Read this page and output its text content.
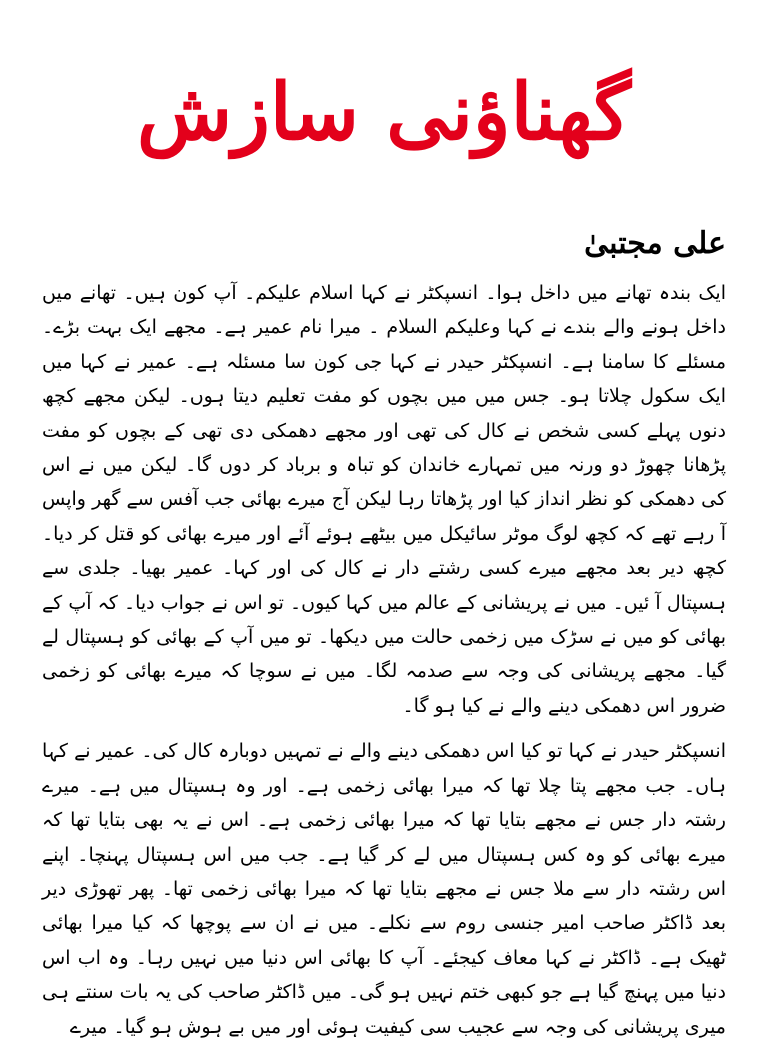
گھناؤنی سازش
علی مجتبیٰ

ایک بندہ تھانے میں داخل ہوا۔ انسپکٹر نے کہا اسلام علیکم۔ آپ کون ہیں۔ تھانے میں داخل ہونے والے بندے نے کہا وعلیکم السلام ۔ میرا نام عمیر ہے۔ مجھے ایک بہت بڑے۔ مسئلے کا سامنا ہے۔ انسپکٹر حیدر نے کہا جی کون سا مسئلہ ہے۔ عمیر نے کہا میں ایک سکول چلاتا ہو۔ جس میں میں بچوں کو مفت تعلیم دیتا ہوں۔ لیکن مجھے کچھ دنوں پہلے کسی شخص نے کال کی تھی اور مجھے دھمکی دی تھی کے بچوں کو مفت پڑھانا چھوڑ دو ورنہ میں تمہارے خاندان کو تباہ و برباد کر دوں گا۔ لیکن میں نے اس کی دھمکی کو نظر انداز کیا اور پڑھاتا رہا لیکن آج میرے بھائی جب آفس سے گھر واپس آ رہے تھے کہ کچھ لوگ موٹر سائیکل میں بیٹھے ہوئے آئے اور میرے بھائی کو قتل کر دیا۔ کچھ دیر بعد مجھے میرے کسی رشتے دار نے کال کی اور کہا۔ عمیر بھیا۔ جلدی سے ہسپتال آ ئیں۔ میں نے پریشانی کے عالم میں کہا کیوں۔ تو اس نے جواب دیا۔ کہ آپ کے بھائی کو میں نے سڑک میں زخمی حالت میں دیکھا۔ تو میں آپ کے بھائی کو ہسپتال لے گیا۔ مجھے پریشانی کی وجہ سے صدمہ لگا۔ میں نے سوچا کہ میرے بھائی کو زخمی ضرور اس دھمکی دینے والے نے کیا ہو گا۔

انسپکٹر حیدر نے کہا تو کیا اس دھمکی دینے والے نے تمہیں دوبارہ کال کی۔ عمیر نے کہا ہاں۔ جب مجھے پتا چلا تھا کہ میرا بھائی زخمی ہے۔ اور وہ ہسپتال میں ہے۔ میرے رشتہ دار جس نے مجھے بتایا تھا کہ میرا بھائی زخمی ہے۔ اس نے یہ بھی بتایا تھا کہ میرے بھائی کو وہ کس ہسپتال میں لے کر گیا ہے۔ جب میں اس ہسپتال پہنچا۔ اپنے اس رشتہ دار سے ملا جس نے مجھے بتایا تھا کہ میرا بھائی زخمی تھا۔ پھر تھوڑی دیر بعد ڈاکٹر صاحب امیر جنسی روم سے نکلے۔ میں نے ان سے پوچھا کہ کیا میرا بھائی ٹھیک ہے۔ ڈاکٹر نے کہا معاف کیجئے۔ آپ کا بھائی اس دنیا میں نہیں رہا۔ وہ اب اس دنیا میں پہنچ گیا ہے جو کبھی ختم نہیں ہو گی۔ میں ڈاکٹر صاحب کی یہ بات سنتے ہی میری پریشانی کی وجہ سے عجیب سی کیفیت ہوئی اور میں بے ہوش ہو گیا۔ میرے
